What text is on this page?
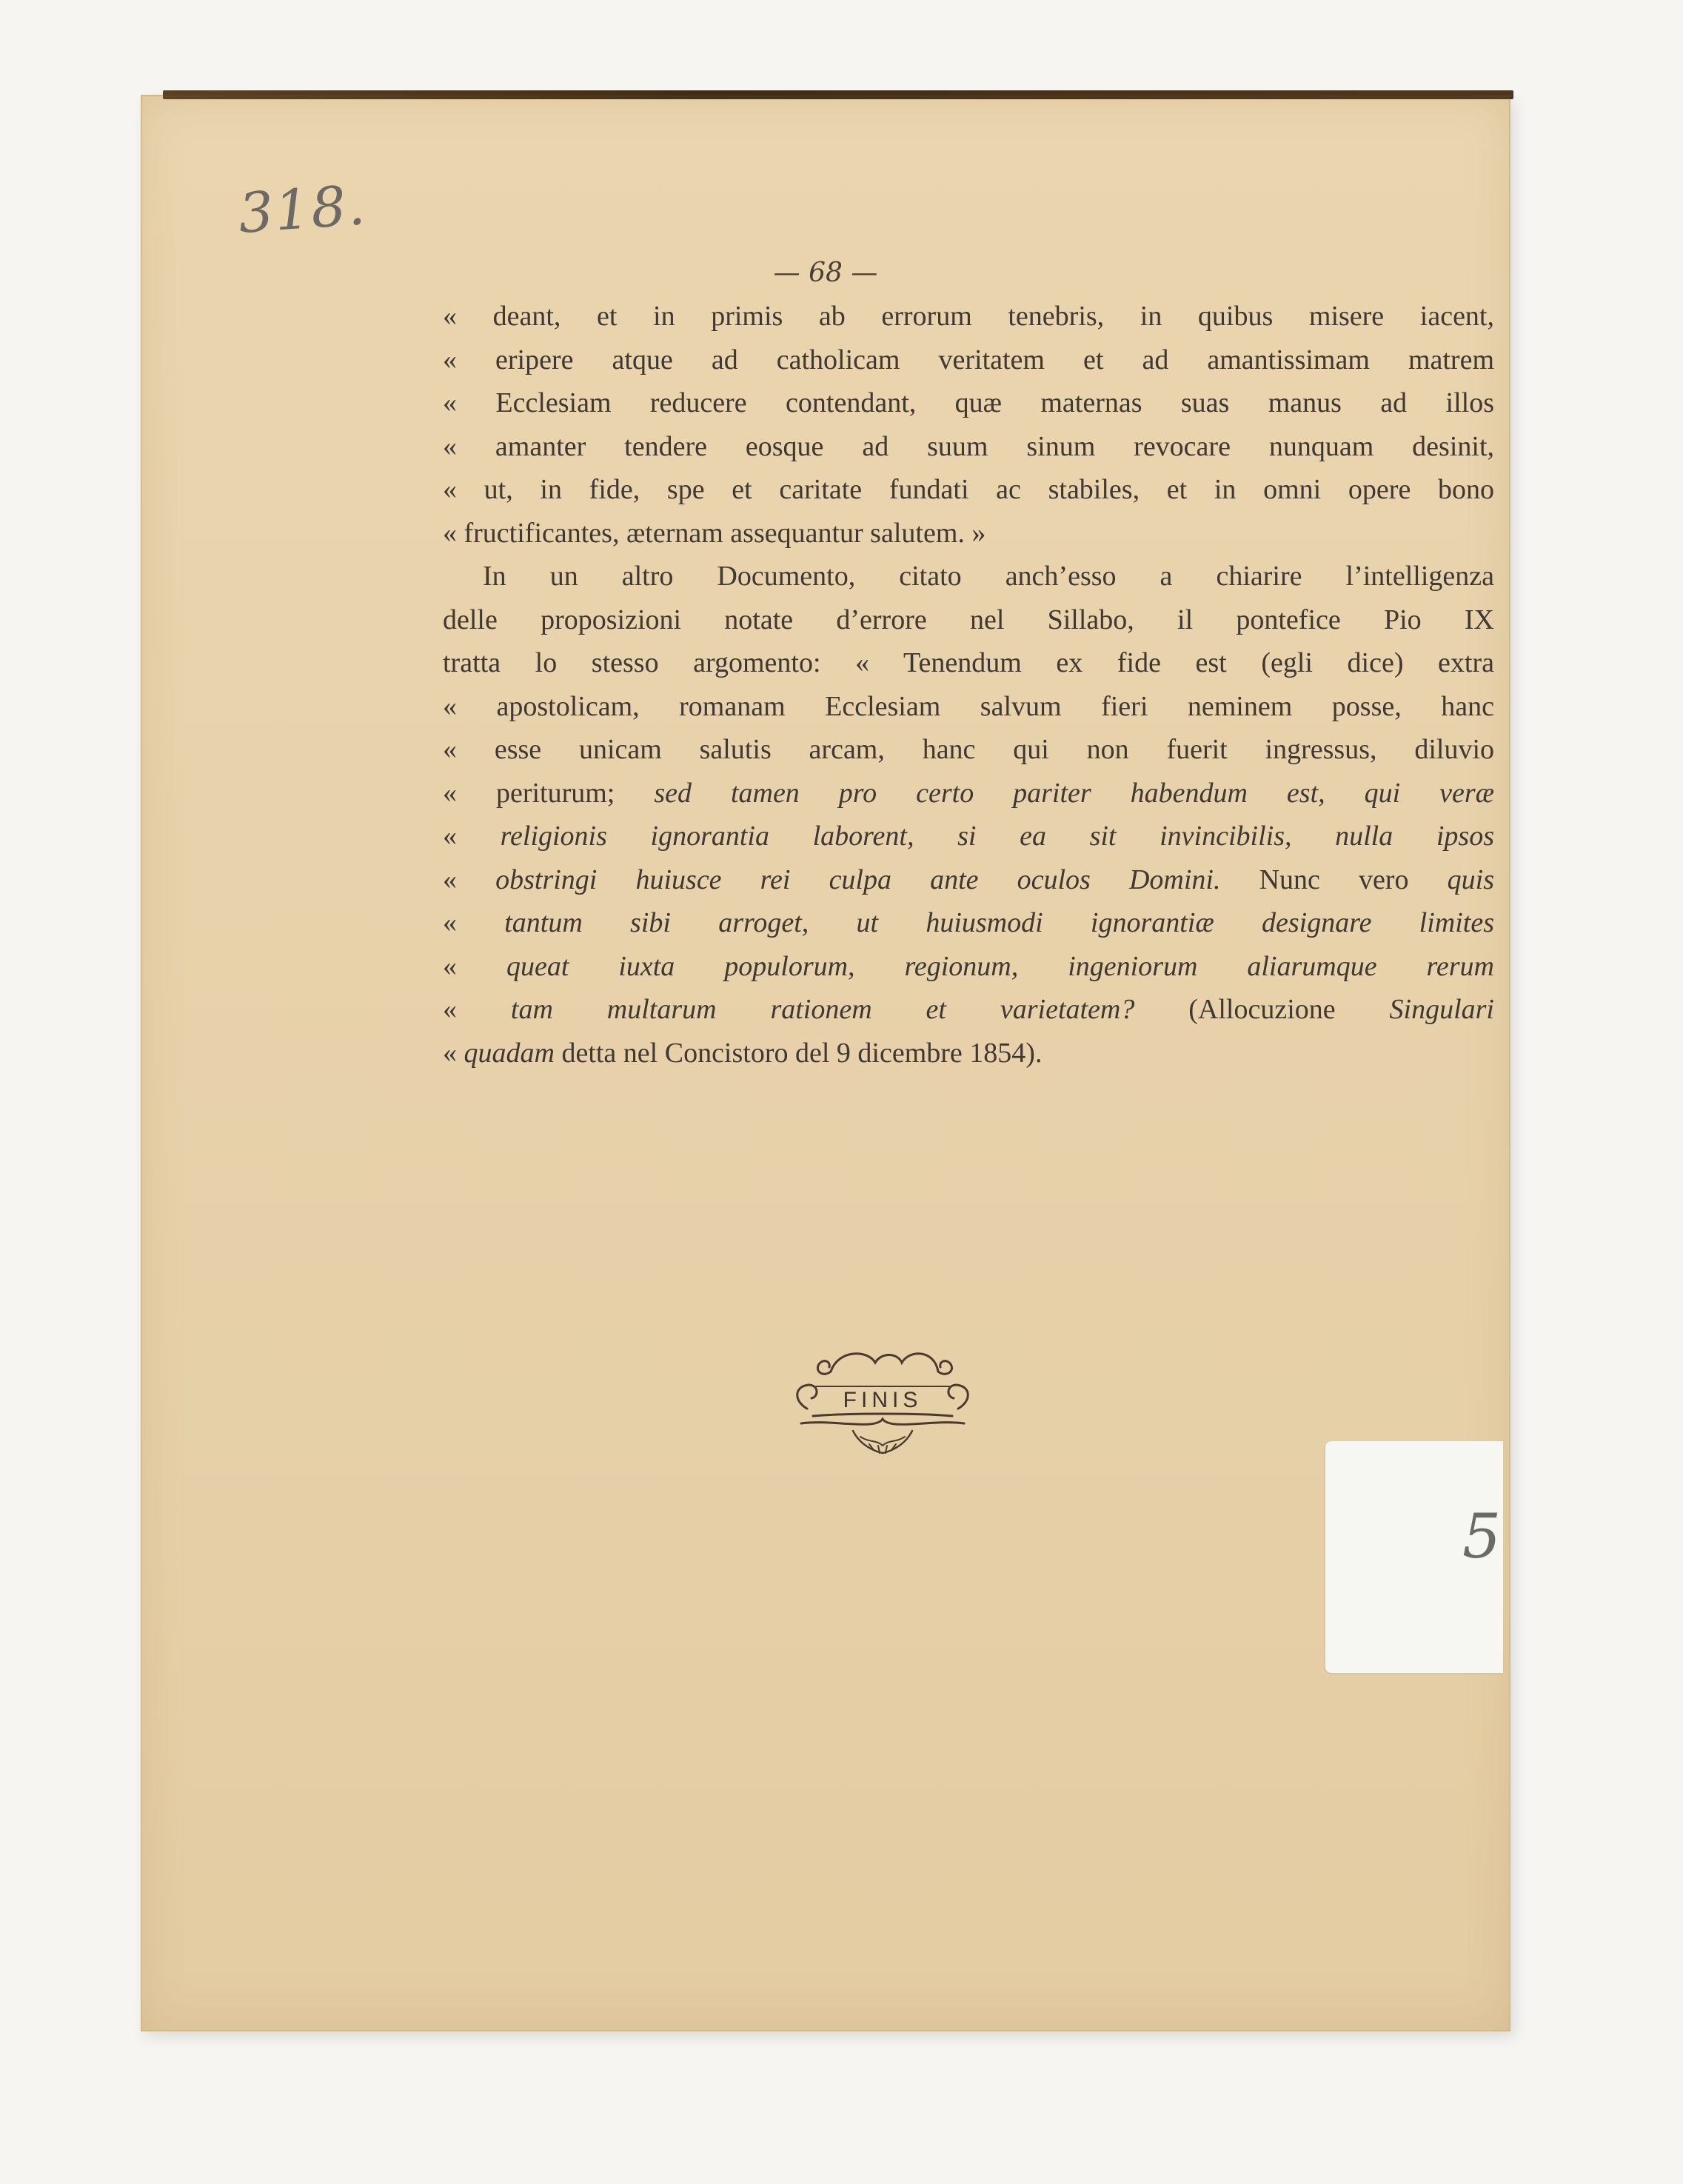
318.
— 68 —
« deant, et in primis ab errorum tenebris, in quibus misere iacent,
« eripere atque ad catholicam veritatem et ad amantissimam matrem
« Ecclesiam reducere contendant, quæ maternas suas manus ad illos
« amanter tendere eosque ad suum sinum revocare nunquam desinit,
« ut, in fide, spe et caritate fundati ac stabiles, et in omni opere bono
« fructificantes, æternam assequantur salutem. »
In un altro Documento, citato anch’esso a chiarire l’intelligenza
delle proposizioni notate d’errore nel Sillabo, il pontefice Pio IX
tratta lo stesso argomento: « Tenendum ex fide est (egli dice) extra
« apostolicam, romanam Ecclesiam salvum fieri neminem posse, hanc
« esse unicam salutis arcam, hanc qui non fuerit ingressus, diluvio
« periturum; sed tamen pro certo pariter habendum est, qui veræ
« religionis ignorantia laborent, si ea sit invincibilis, nulla ipsos
« obstringi huiusce rei culpa ante oculos Domini. Nunc vero quis
« tantum sibi arroget, ut huiusmodi ignorantiæ designare limites
« queat iuxta populorum, regionum, ingeniorum aliarumque rerum
« tam multarum rationem et varietatem? (Allocuzione Singulari
« quadam detta nel Concistoro del 9 dicembre 1854).
FINIS
5
